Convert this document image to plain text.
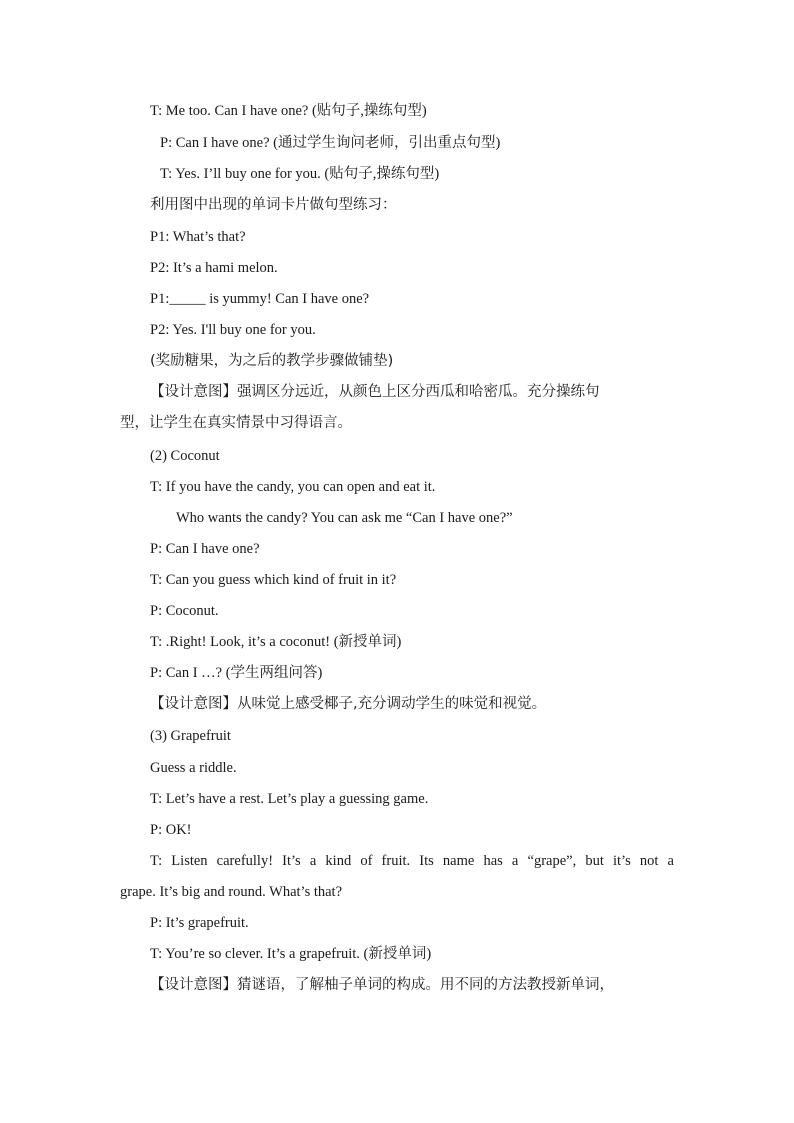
T: Me too. Can I have one? (贴句子,操练句型)
P: Can I have one? (通过学生询问老师，引出重点句型)
T: Yes. I’ll buy one for you. (贴句子,操练句型)
利用图中出现的单词卡片做句型练习：
P1: What’s that?
P2: It’s a hami melon.
P1:_____ is yummy! Can I have one?
P2: Yes. I'll buy one for you.
(奖励糖果，为之后的教学步骤做铺垫)
【设计意图】强调区分远近，从颜色上区分西瓜和哈密瓜。充分操练句
型，让学生在真实情景中习得语言。
(2) Coconut
T: If you have the candy, you can open and eat it.
Who wants the candy? You can ask me “Can I have one?”
P: Can I have one?
T: Can you guess which kind of fruit in it?
P: Coconut.
T: .Right! Look, it’s a coconut! (新授单词)
P: Can I …? (学生两组问答)
【设计意图】从味觉上感受椰子,充分调动学生的味觉和视觉。
(3) Grapefruit
Guess a riddle.
T: Let’s have a rest. Let’s play a guessing game.
P: OK!
T: Listen carefully! It’s a kind of fruit. Its name has a “grape”, but it’s not a
grape. It’s big and round. What’s that?
P: It’s grapefruit.
T: You’re so clever. It’s a grapefruit. (新授单词)
【设计意图】猜谜语，了解柚子单词的构成。用不同的方法教授新单词，
